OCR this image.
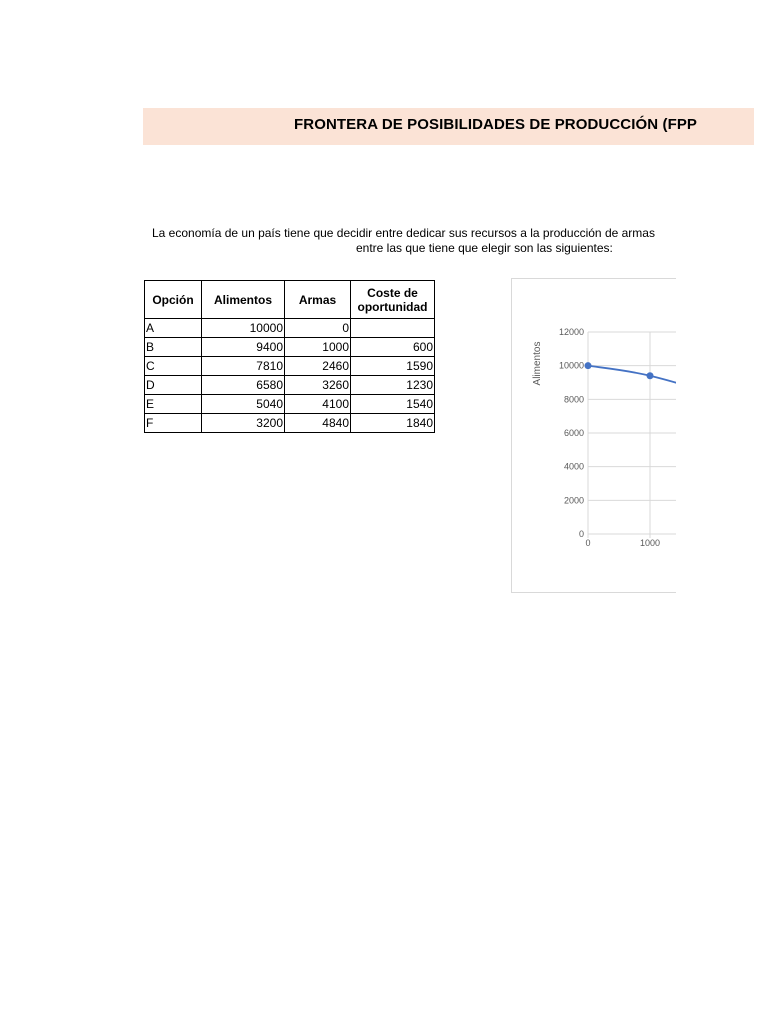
FRONTERA DE POSIBILIDADES DE PRODUCCIÓN (FPP
La economía de un país tiene que decidir entre dedicar sus recursos a la producción de armas
entre las que tiene que elegir son las siguientes:
Opción	Alimentos	Armas	Coste de oportunidad
A	10000	0	
B	9400	1000	600
C	7810	2460	1590
D	6580	3260	1230
E	5040	4100	1540
F	3200	4840	1840
0
2000
4000
6000
8000
10000
12000
0	1000
Alimentos
